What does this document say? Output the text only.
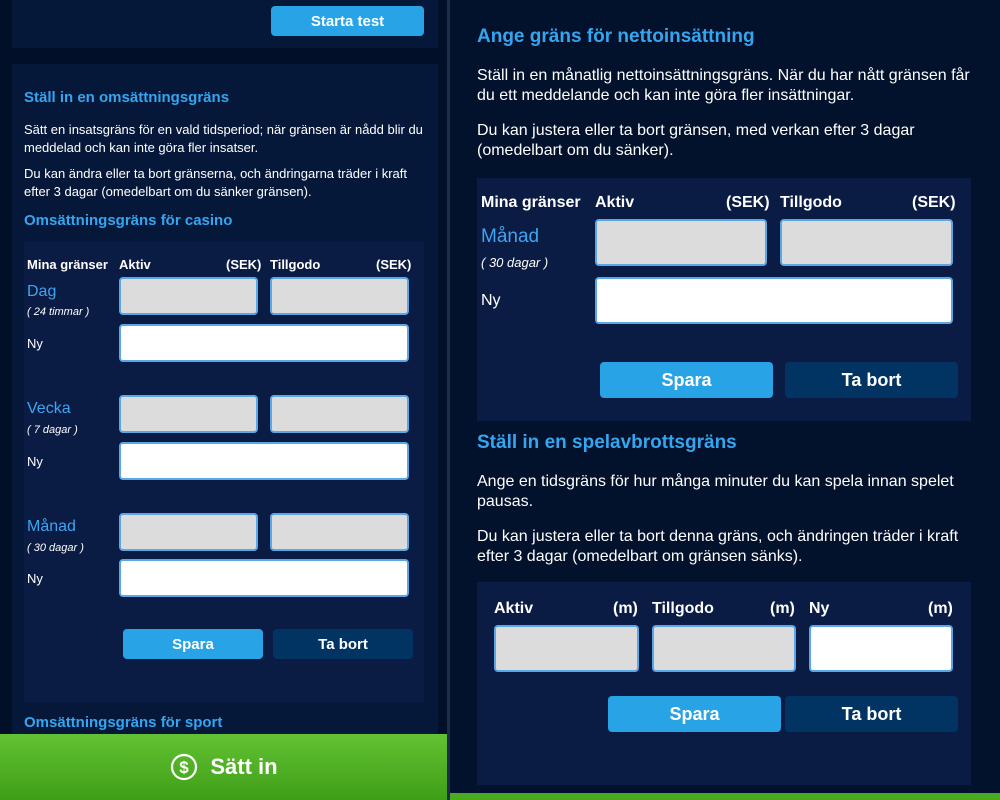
Starta test
Ställ in en omsättningsgräns
Sätt en insatsgräns för en vald tidsperiod; när gränsen är nådd blir du meddelad och kan inte göra fler insatser.
Du kan ändra eller ta bort gränserna, och ändringarna träder i kraft efter 3 dagar (omedelbart om du sänker gränsen).
Omsättningsgräns för casino
Mina gränser Aktiv	(SEK) Tillgodo	(SEK)
Dag
( 24 timmar )
Ny
Vecka
( 7 dagar )
Ny
Månad
( 30 dagar )
Ny
Spara	Ta bort
Omsättningsgräns för sport
$ Sätt in
Ange gräns för nettoinsättning
Ställ in en månatlig nettoinsättningsgräns. När du har nått gränsen får du ett meddelande och kan inte göra fler insättningar.
Du kan justera eller ta bort gränsen, med verkan efter 3 dagar (omedelbart om du sänker).
Mina gränser Aktiv	(SEK) Tillgodo	(SEK)
Månad
( 30 dagar )
Ny
Spara	Ta bort
Ställ in en spelavbrottsgräns
Ange en tidsgräns för hur många minuter du kan spela innan spelet pausas.
Du kan justera eller ta bort denna gräns, och ändringen träder i kraft efter 3 dagar (omedelbart om gränsen sänks).
Aktiv	(m) Tillgodo	(m) Ny	(m)
Spara	Ta bort
